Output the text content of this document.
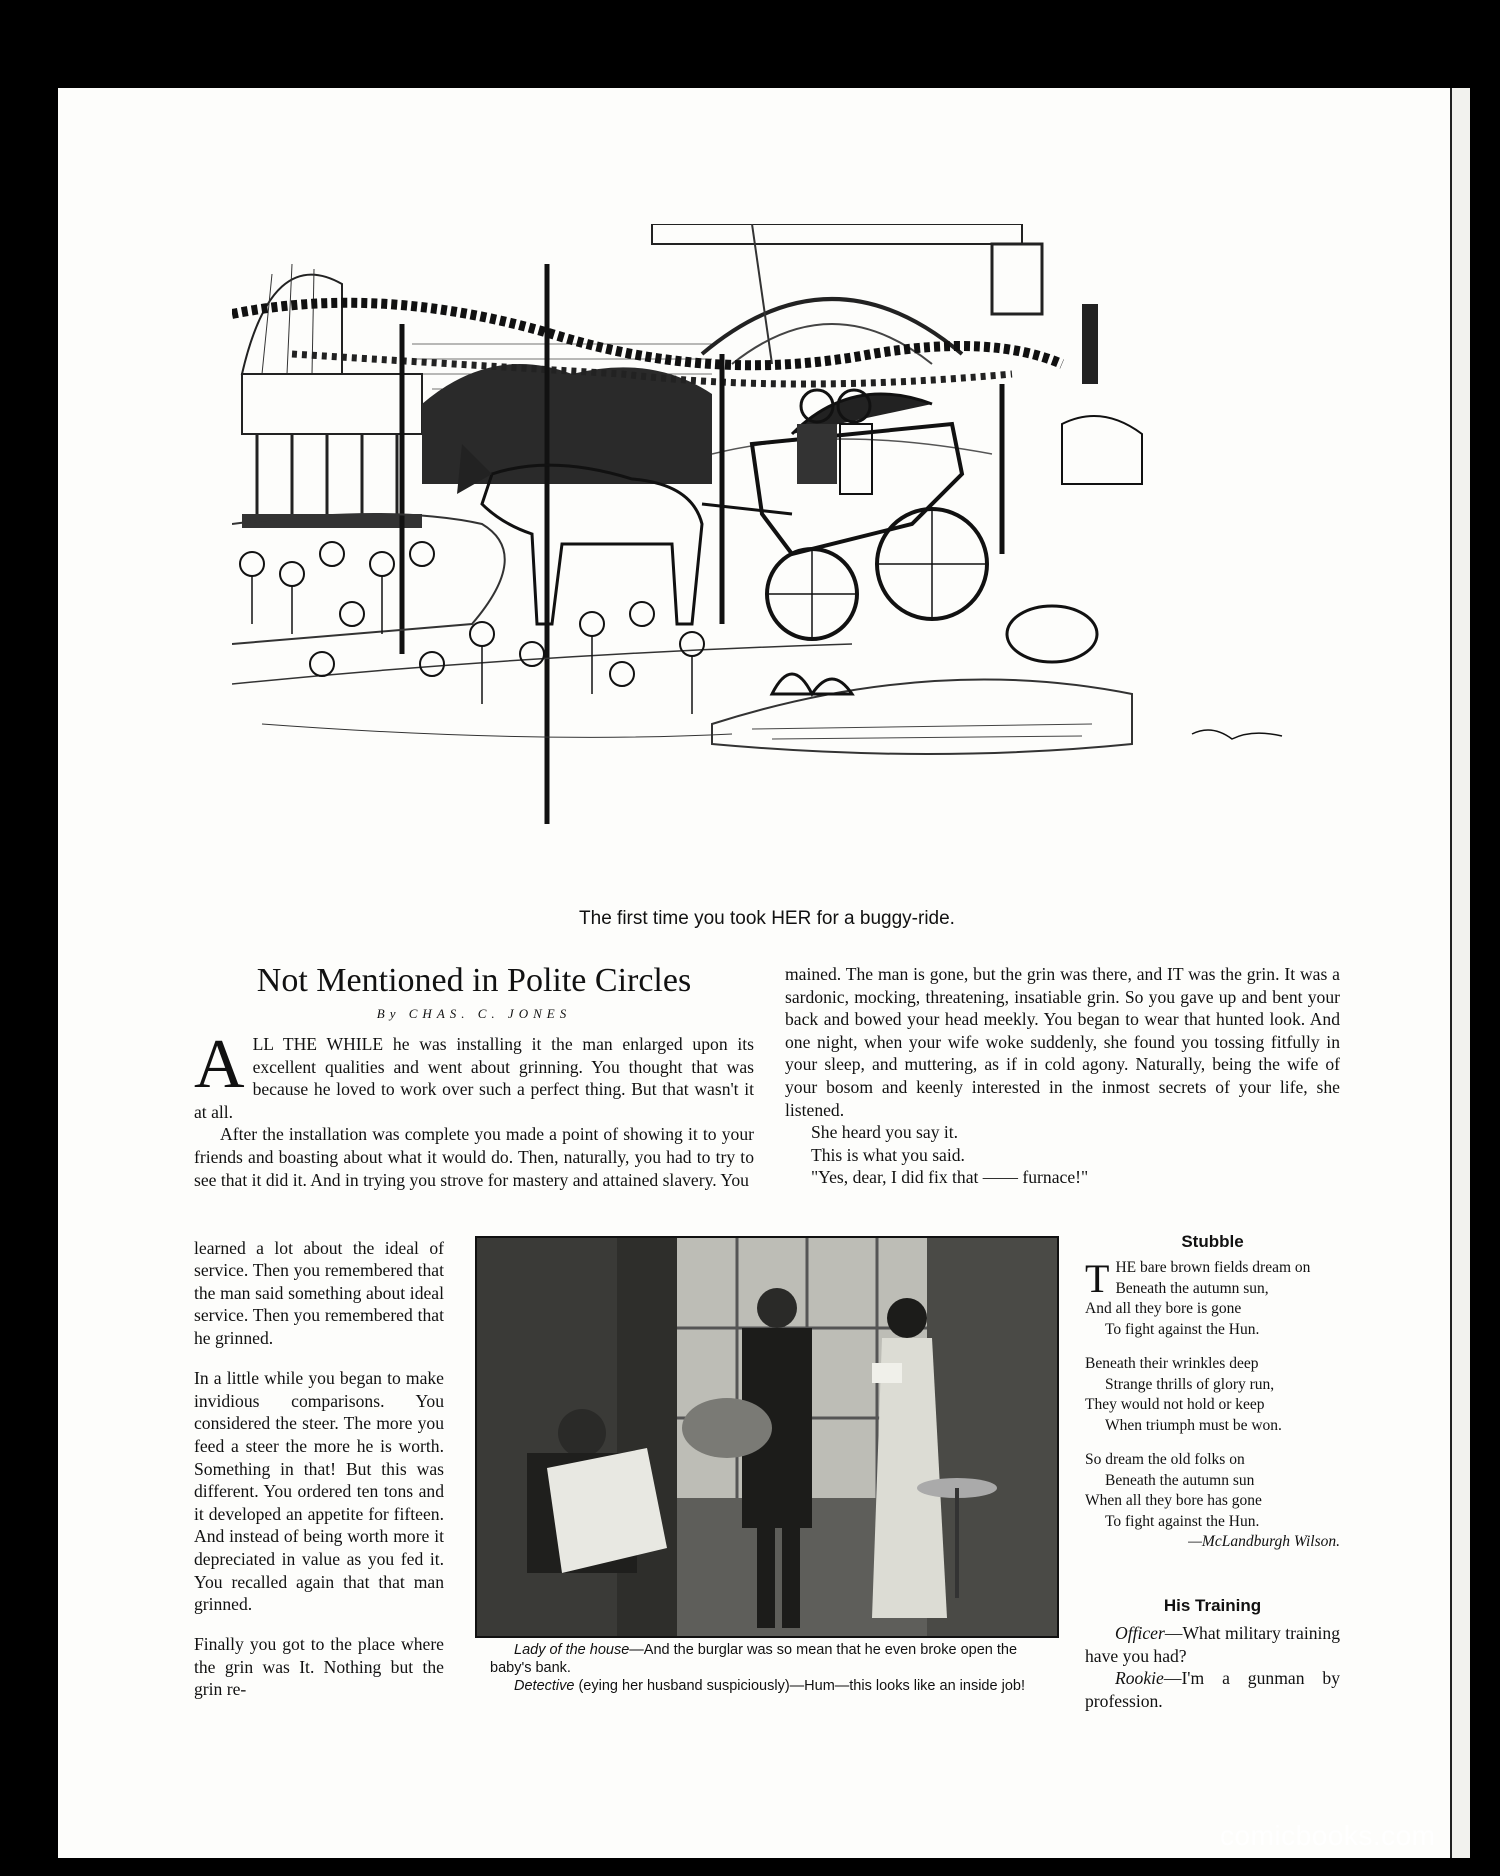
The first time you took HER for a buggy-ride.
Not Mentioned in Polite Circles
By CHAS. C. JONES

ALL THE WHILE he was installing it the man enlarged upon its excellent qualities and went about grinning. You thought that was because he loved to work over such a perfect thing. But that wasn't it at all.

After the installation was complete you made a point of showing it to your friends and boasting about what it would do. Then, naturally, you had to try to see that it did it. And in trying you strove for mastery and attained slavery. You

learned a lot about the ideal of service. Then you remembered that the man said something about ideal service. Then you remembered that he grinned.

In a little while you began to make invidious comparisons. You considered the steer. The more you feed a steer the more he is worth. Something in that! But this was different. You ordered ten tons and it developed an appetite for fifteen. And instead of being worth more it depreciated in value as you fed it. You recalled again that that man grinned.

Finally you got to the place where the grin was It. Nothing but the grin re-

mained. The man is gone, but the grin was there, and IT was the grin. It was a sardonic, mocking, threatening, insatiable grin. So you gave up and bent your back and bowed your head meekly. You began to wear that hunted look. And one night, when your wife woke suddenly, she found you tossing fitfully in your sleep, and muttering, as if in cold agony. Naturally, being the wife of your bosom and keenly interested in the inmost secrets of your life, she listened.

She heard you say it.

This is what you said.

"Yes, dear, I did fix that —— furnace!"

Lady of the house—And the burglar was so mean that he even broke open the baby's bank.

Detective (eying her husband suspiciously)—Hum—this looks like an inside job!

Stubble
T HE bare brown fields dream on
Beneath the autumn sun,
And all they bore is gone
To fight against the Hun.
Beneath their wrinkles deep
Strange thrills of glory run,
They would not hold or keep
When triumph must be won.
So dream the old folks on
Beneath the autumn sun
When all they bore has gone
To fight against the Hun.
—McLandburgh Wilson.
His Training

Officer—What military training have you had?

Rookie—I'm a gunman by profession.

comicbooks.com
